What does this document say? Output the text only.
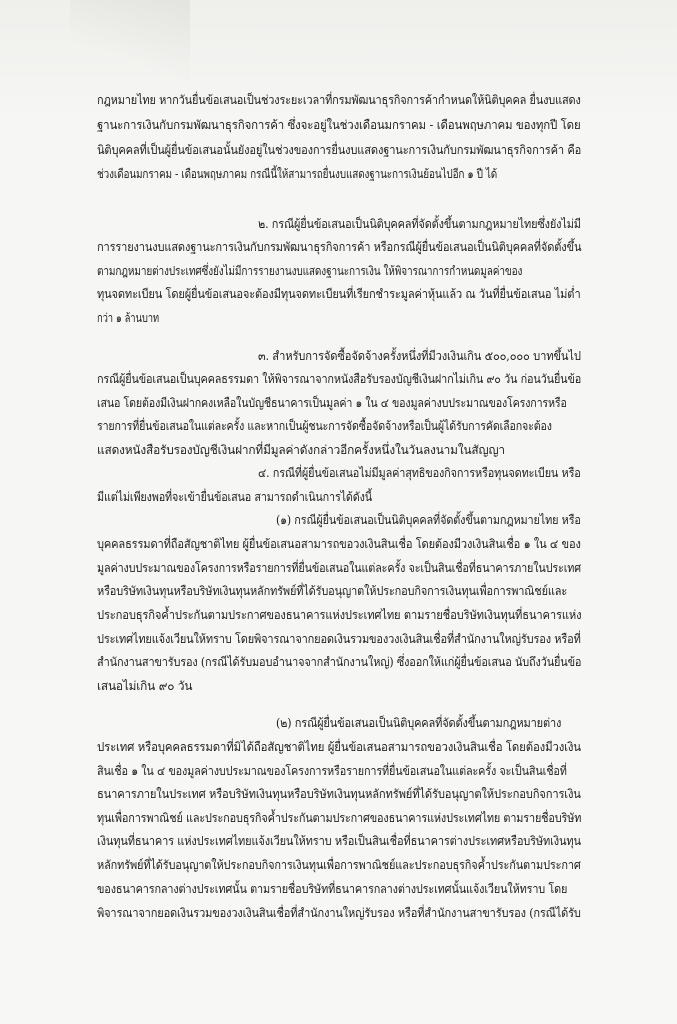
กฎหมายไทย หากวันยื่นข้อเสนอเป็นช่วงระยะเวลาที่กรมพัฒนาธุรกิจการค้ากำหนดให้นิติบุคคล ยื่นงบแสดง
ฐานะการเงินกับกรมพัฒนาธุรกิจการค้า ซึ่งจะอยู่ในช่วงเดือนมกราคม - เดือนพฤษภาคม ของทุกปี โดย
นิติบุคคลที่เป็นผู้ยื่นข้อเสนอนั้นยังอยู่ในช่วงของการยื่นงบแสดงฐานะการเงินกับกรมพัฒนาธุรกิจการค้า คือ
ช่วงเดือนมกราคม - เดือนพฤษภาคม กรณีนี้ให้สามารถยื่นงบแสดงฐานะการเงินย้อนไปอีก ๑ ปี ได้
๒. กรณีผู้ยื่นข้อเสนอเป็นนิติบุคคลที่จัดตั้งขึ้นตามกฎหมายไทยซึ่งยังไม่มี
การรายงานงบแสดงฐานะการเงินกับกรมพัฒนาธุรกิจการค้า หรือกรณีผู้ยื่นข้อเสนอเป็นนิติบุคคลที่จัดตั้งขึ้น
ตามกฎหมายต่างประเทศซึ่งยังไม่มีการรายงานงบแสดงฐานะการเงิน ให้พิจารณาการกำหนดมูลค่าของ
ทุนจดทะเบียน โดยผู้ยื่นข้อเสนอจะต้องมีทุนจดทะเบียนที่เรียกชำระมูลค่าหุ้นแล้ว ณ วันที่ยื่นข้อเสนอ ไม่ต่ำ
กว่า ๑ ล้านบาท
๓. สำหรับการจัดซื้อจัดจ้างครั้งหนึ่งที่มีวงเงินเกิน ๕๐๐,๐๐๐ บาทขึ้นไป
กรณีผู้ยื่นข้อเสนอเป็นบุคคลธรรมดา ให้พิจารณาจากหนังสือรับรองบัญชีเงินฝากไม่เกิน ๙๐ วัน ก่อนวันยื่นข้อ
เสนอ โดยต้องมีเงินฝากคงเหลือในบัญชีธนาคารเป็นมูลค่า ๑ ใน ๔ ของมูลค่างบประมาณของโครงการหรือ
รายการที่ยื่นข้อเสนอในแต่ละครั้ง และหากเป็นผู้ชนะการจัดซื้อจัดจ้างหรือเป็นผู้ได้รับการคัดเลือกจะต้อง
แสดงหนังสือรับรองบัญชีเงินฝากที่มีมูลค่าดังกล่าวอีกครั้งหนึ่งในวันลงนามในสัญญา
๔. กรณีที่ผู้ยื่นข้อเสนอไม่มีมูลค่าสุทธิของกิจการหรือทุนจดทะเบียน หรือ
มีแต่ไม่เพียงพอที่จะเข้ายื่นข้อเสนอ สามารถดำเนินการได้ดังนี้
(๑) กรณีผู้ยื่นข้อเสนอเป็นนิติบุคคลที่จัดตั้งขึ้นตามกฎหมายไทย หรือ
บุคคลธรรมดาที่ถือสัญชาติไทย ผู้ยื่นข้อเสนอสามารถขอวงเงินสินเชื่อ โดยต้องมีวงเงินสินเชื่อ ๑ ใน ๔ ของ
มูลค่างบประมาณของโครงการหรือรายการที่ยื่นข้อเสนอในแต่ละครั้ง จะเป็นสินเชื่อที่ธนาคารภายในประเทศ
หรือบริษัทเงินทุนหรือบริษัทเงินทุนหลักทรัพย์ที่ได้รับอนุญาตให้ประกอบกิจการเงินทุนเพื่อการพาณิชย์และ
ประกอบธุรกิจค้ำประกันตามประกาศของธนาคารแห่งประเทศไทย ตามรายชื่อบริษัทเงินทุนที่ธนาคารแห่ง
ประเทศไทยแจ้งเวียนให้ทราบ โดยพิจารณาจากยอดเงินรวมของวงเงินสินเชื่อที่สำนักงานใหญ่รับรอง หรือที่
สำนักงานสาขารับรอง (กรณีได้รับมอบอำนาจจากสำนักงานใหญ่) ซึ่งออกให้แก่ผู้ยื่นข้อเสนอ นับถึงวันยื่นข้อ
เสนอไม่เกิน ๙๐ วัน
(๒) กรณีผู้ยื่นข้อเสนอเป็นนิติบุคคลที่จัดตั้งขึ้นตามกฎหมายต่าง
ประเทศ หรือบุคคลธรรมดาที่มิได้ถือสัญชาติไทย ผู้ยื่นข้อเสนอสามารถขอวงเงินสินเชื่อ โดยต้องมีวงเงิน
สินเชื่อ ๑ ใน ๔ ของมูลค่างบประมาณของโครงการหรือรายการที่ยื่นข้อเสนอในแต่ละครั้ง จะเป็นสินเชื่อที่
ธนาคารภายในประเทศ หรือบริษัทเงินทุนหรือบริษัทเงินทุนหลักทรัพย์ที่ได้รับอนุญาตให้ประกอบกิจการเงิน
ทุนเพื่อการพาณิชย์ และประกอบธุรกิจค้ำประกันตามประกาศของธนาคารแห่งประเทศไทย ตามรายชื่อบริษัท
เงินทุนที่ธนาคาร แห่งประเทศไทยแจ้งเวียนให้ทราบ หรือเป็นสินเชื่อที่ธนาคารต่างประเทศหรือบริษัทเงินทุน
หลักทรัพย์ที่ได้รับอนุญาตให้ประกอบกิจการเงินทุนเพื่อการพาณิชย์และประกอบธุรกิจค้ำประกันตามประกาศ
ของธนาคารกลางต่างประเทศนั้น ตามรายชื่อบริษัทที่ธนาคารกลางต่างประเทศนั้นแจ้งเวียนให้ทราบ โดย
พิจารณาจากยอดเงินรวมของวงเงินสินเชื่อที่สำนักงานใหญ่รับรอง หรือที่สำนักงานสาขารับรอง (กรณีได้รับ
